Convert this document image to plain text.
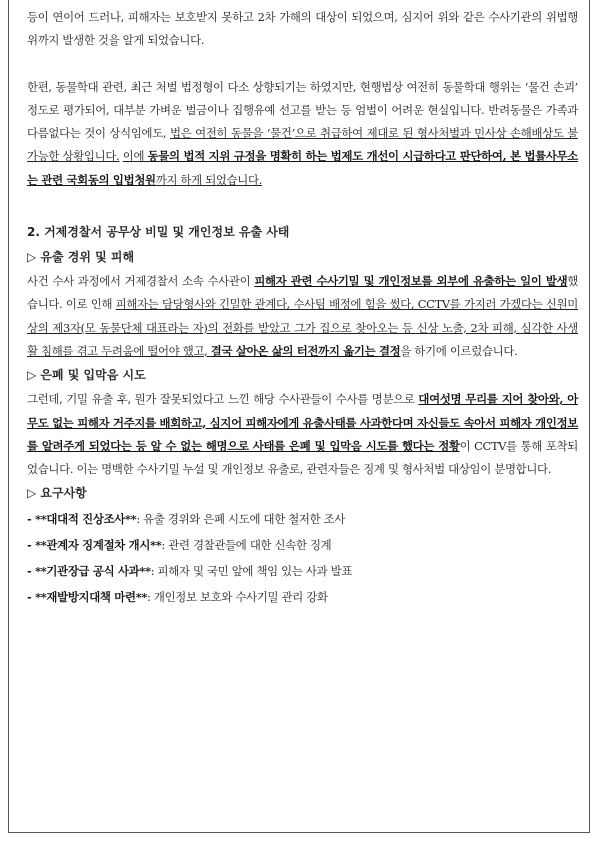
등이 연이어 드러나, 피해자는 보호받지 못하고 2차 가해의 대상이 되었으며, 심지어 위와 같은 수사기관의 위법행위까지 발생한 것을 알게 되었습니다.

한편, 동물학대 관련, 최근 처벌 법정형이 다소 상향되기는 하였지만, 현행법상 여전히 동물학대 행위는 ‘물건 손괴’ 정도로 평가되어, 대부분 가벼운 벌금이나 집행유예 선고를 받는 등 엄벌이 어려운 현실입니다. 반려동물은 가족과 다름없다는 것이 상식임에도, 법은 여전히 동물을 ‘물건’으로 취급하여 제대로 된 형사처벌과 민사상 손해배상도 불가능한 상황입니다. 이에 동물의 법적 지위 규정을 명확히 하는 법제도 개선이 시급하다고 판단하여, 본 법률사무소는 관련 국회동의 입법청원까지 하게 되었습니다.

2. 거제경찰서 공무상 비밀 및 개인정보 유출 사태

▷ 유출 경위 및 피해

사건 수사 과정에서 거제경찰서 소속 수사관이 피해자 관련 수사기밀 및 개인정보를 외부에 유출하는 일이 발생했습니다. 이로 인해 피해자는 담당형사와 긴밀한 관계다, 수사팀 배정에 힘을 썼다, CCTV를 가지러 가겠다는 신원미상의 제3자(모 동물단체 대표라는 자)의 전화를 받았고 그가 집으로 찾아오는 등 신상 노출, 2차 피해, 심각한 사생활 침해를 겪고 두려움에 떨어야 했고, 결국 살아온 삶의 터전까지 옮기는 결정을 하기에 이르렀습니다.

▷ 은폐 및 입막음 시도

그런데, 기밀 유출 후, 뭔가 잘못되었다고 느낀 해당 수사관들이 수사를 명분으로 대여섯명 무리를 지어 찾아와, 아무도 없는 피해자 거주지를 배회하고, 심지어 피해자에게 유출사태를 사과한다며 자신들도 속아서 피해자 개인정보를 알려주게 되었다는 등 알 수 없는 해명으로 사태를 은폐 및 입막음 시도를 했다는 정황이 CCTV를 통해 포착되었습니다. 이는 명백한 수사기밀 누설 및 개인정보 유출로, 관련자들은 징계 및 형사처벌 대상임이 분명합니다.

▷ 요구사항

- **대대적 진상조사**: 유출 경위와 은폐 시도에 대한 철저한 조사
- **관계자 징계절차 개시**: 관련 경찰관들에 대한 신속한 징계
- **기관장급 공식 사과**: 피해자 및 국민 앞에 책임 있는 사과 발표
- **재발방지대책 마련**: 개인정보 보호와 수사기밀 관리 강화
